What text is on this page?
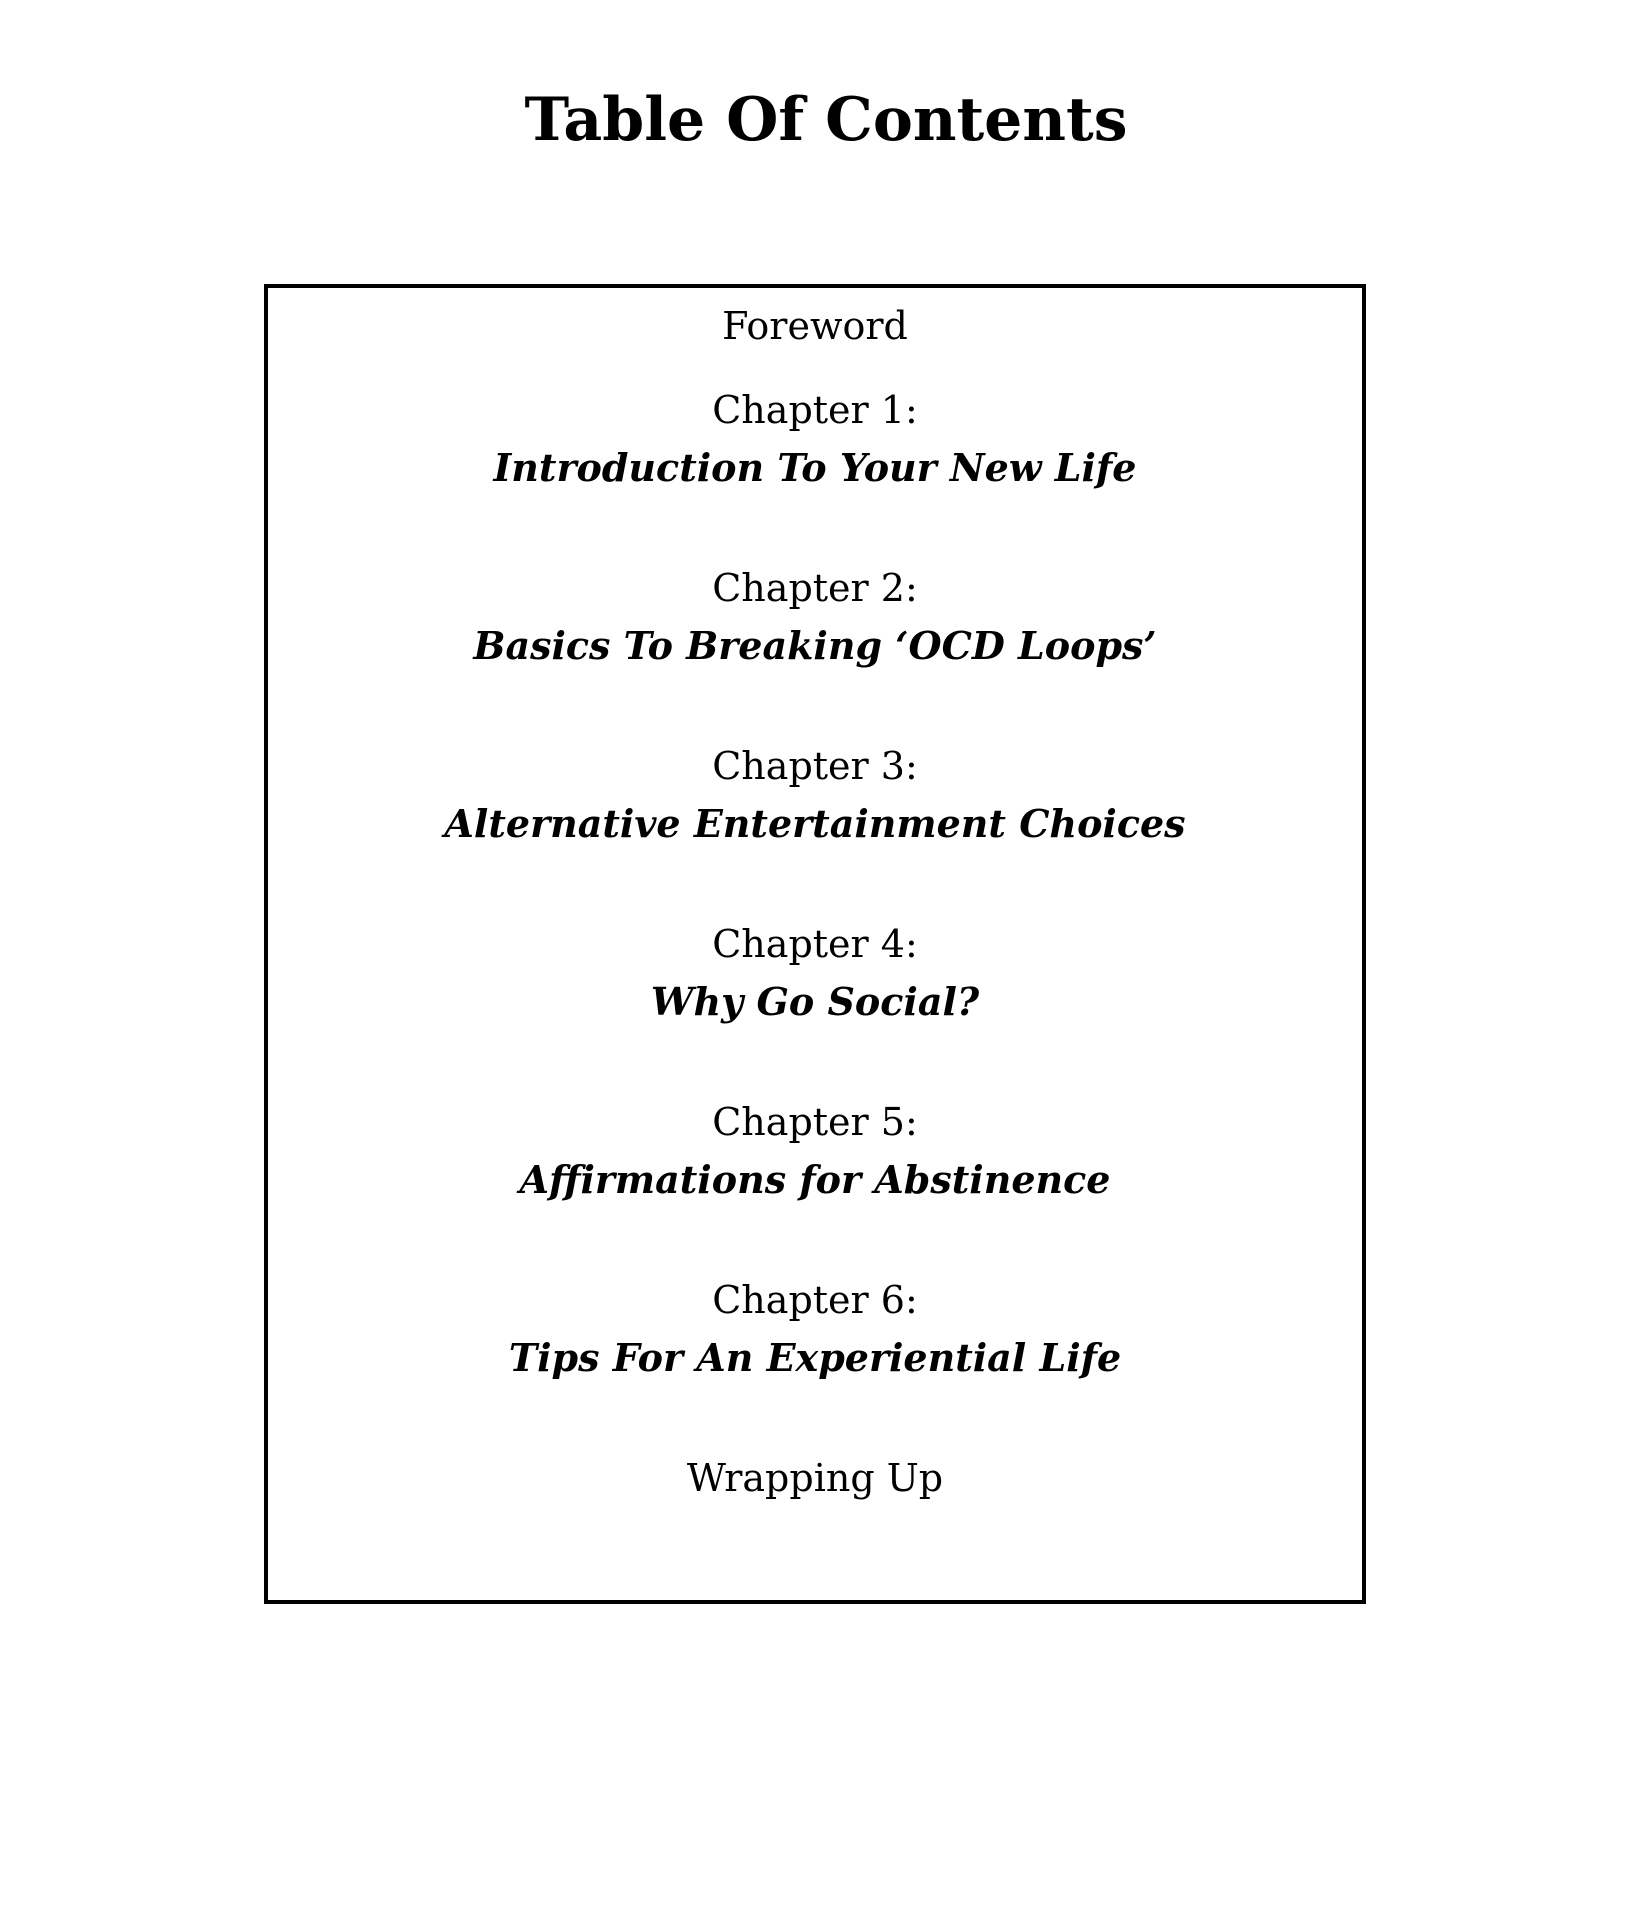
Table Of Contents
Foreword
Chapter 1:
Introduction To Your New Life
Chapter 2:
Basics To Breaking ‘OCD Loops’
Chapter 3:
Alternative Entertainment Choices
Chapter 4:
Why Go Social?
Chapter 5:
Affirmations for Abstinence
Chapter 6:
Tips For An Experiential Life
Wrapping Up
